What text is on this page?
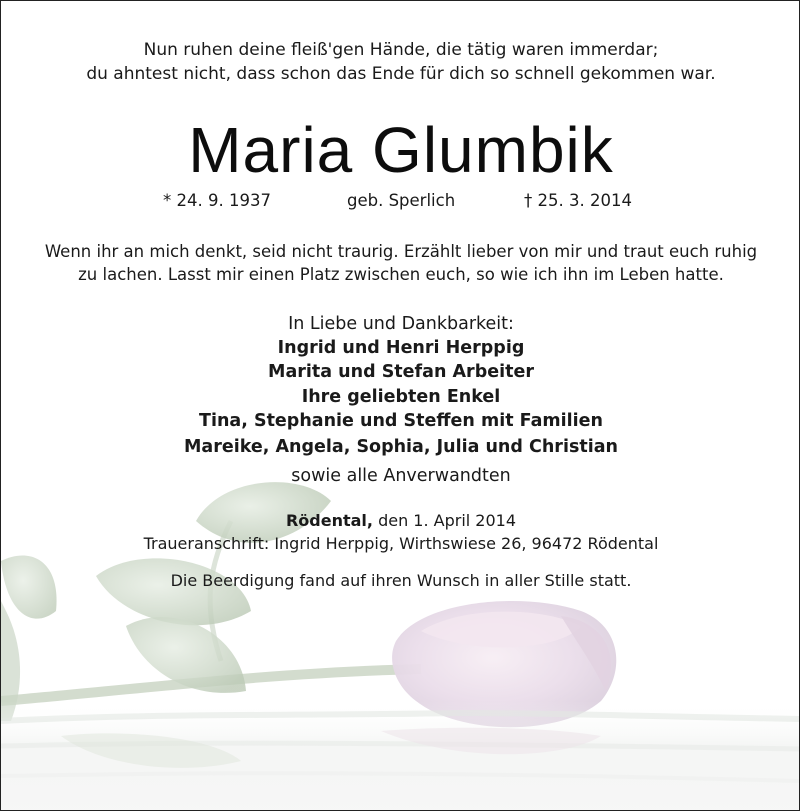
Nun ruhen deine fleiß'gen Hände, die tätig waren immerdar;
du ahntest nicht, dass schon das Ende für dich so schnell gekommen war.
Maria Glumbik
* 24. 9. 1937	geb. Sperlich	† 25. 3. 2014
Wenn ihr an mich denkt, seid nicht traurig. Erzählt lieber von mir und traut euch ruhig
zu lachen. Lasst mir einen Platz zwischen euch, so wie ich ihn im Leben hatte.
In Liebe und Dankbarkeit:
Ingrid und Henri Herppig
Marita und Stefan Arbeiter
Ihre geliebten Enkel
Tina, Stephanie und Steffen mit Familien
Mareike, Angela, Sophia, Julia und Christian
sowie alle Anverwandten
Rödental, den 1. April 2014
Traueranschrift: Ingrid Herppig, Wirthswiese 26, 96472 Rödental
Die Beerdigung fand auf ihren Wunsch in aller Stille statt.
